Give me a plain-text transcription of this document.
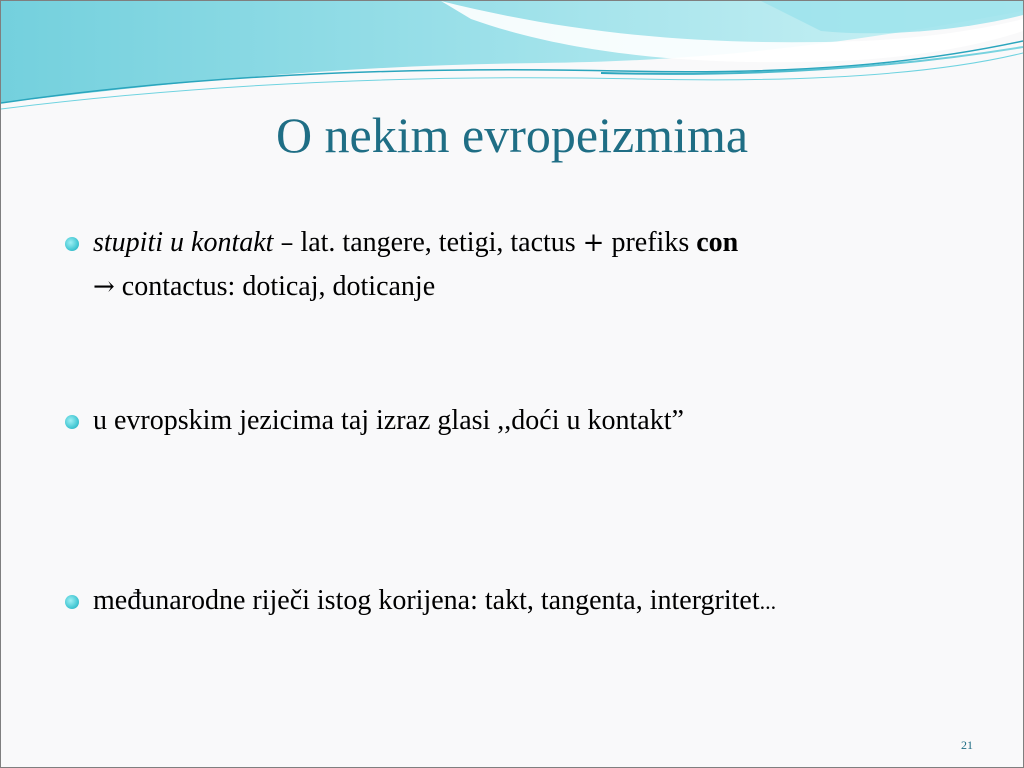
O nekim evropeizmima
stupiti u kontakt – lat. tangere, tetigi, tactus + prefiks con
→ contactus: doticaj, doticanje
u evropskim jezicima taj izraz glasi ,,doći u kontakt”
međunarodne riječi istog korijena: takt, tangenta, intergritet...
21
